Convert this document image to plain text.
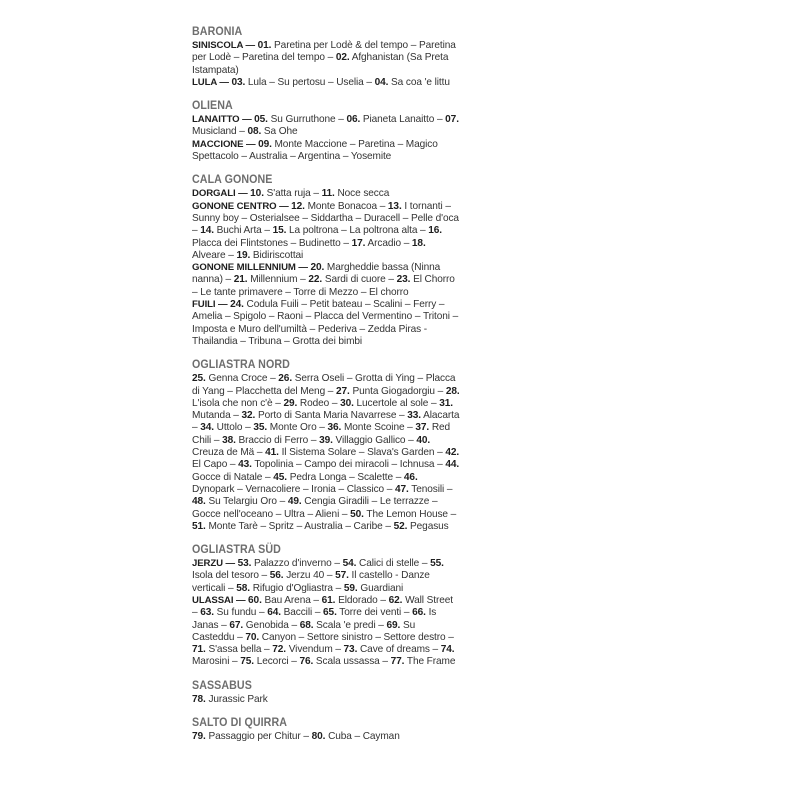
BARONIA

SINISCOLA — 01. Paretina per Lodè & del tempo – Paretina per Lodè – Paretina del tempo – 02. Afghanistan (Sa Preta Istampata)

LULA — 03. Lula – Su pertosu – Uselia – 04. Sa coa 'e littu

OLIENA

LANAITTO — 05. Su Gurruthone – 06. Pianeta Lanaitto – 07. Musicland – 08. Sa Ohe

MACCIONE — 09. Monte Maccione – Paretina – Magico Spettacolo – Australia – Argentina – Yosemite

CALA GONONE

DORGALI — 10. S'atta ruja – 11. Noce secca

GONONE CENTRO — 12. Monte Bonacoa – 13. I tornanti – Sunny boy – Osterialsee – Siddartha – Duracell – Pelle d'oca – 14. Buchi Arta – 15. La poltrona – La poltrona alta – 16. Placca dei Flintstones – Budinetto – 17. Arcadio – 18. Alveare – 19. Bidiriscottai

GONONE MILLENNIUM — 20. Margheddie bassa (Ninna nanna) – 21. Millennium – 22. Sardi di cuore – 23. El Chorro – Le tante primavere – Torre di Mezzo – El chorro

FUILI — 24. Codula Fuili – Petit bateau – Scalini – Ferry – Amelia – Spigolo – Raoni – Placca del Vermentino – Tritoni – Imposta e Muro dell'umiltà – Pederiva – Zedda Piras - Thailandia – Tribuna – Grotta dei bimbi

OGLIASTRA NORD

25. Genna Croce – 26. Serra Oseli – Grotta di Ying – Placca di Yang – Placchetta del Meng – 27. Punta Giogadorgiu – 28. L'isola che non c'è – 29. Rodeo – 30. Lucertole al sole – 31. Mutanda – 32. Porto di Santa Maria Navarrese – 33. Alacarta – 34. Uttolo – 35. Monte Oro – 36. Monte Scoine – 37. Red Chili – 38. Braccio di Ferro – 39. Villaggio Gallico – 40. Creuza de Mä – 41. Il Sistema Solare – Slava's Garden – 42. El Capo – 43. Topolinia – Campo dei miracoli – Ichnusa – 44. Gocce di Natale – 45. Pedra Longa – Scalette – 46. Dynopark – Vernacoliere – Ironia – Classico – 47. Tenosili – 48. Su Telargiu Oro – 49. Cengia Giradili – Le terrazze – Gocce nell'oceano – Ultra – Alieni – 50. The Lemon House – 51. Monte Tarè – Spritz – Australia – Caribe – 52. Pegasus

OGLIASTRA SÜD

JERZU — 53. Palazzo d'inverno – 54. Calici di stelle – 55. Isola del tesoro – 56. Jerzu 40 – 57. Il castello - Danze verticali – 58. Rifugio d'Ogliastra – 59. Guardiani

ULASSAI — 60. Bau Arena – 61. Eldorado – 62. Wall Street – 63. Su fundu – 64. Baccili – 65. Torre dei venti – 66. Is Janas – 67. Genobida – 68. Scala 'e predi – 69. Su Casteddu – 70. Canyon – Settore sinistro – Settore destro – 71. S'assa bella – 72. Vivendum – 73. Cave of dreams – 74. Marosini – 75. Lecorci – 76. Scala ussassa – 77. The Frame

SASSABUS

78. Jurassic Park

SALTO DI QUIRRA

79. Passaggio per Chitur – 80. Cuba – Cayman
